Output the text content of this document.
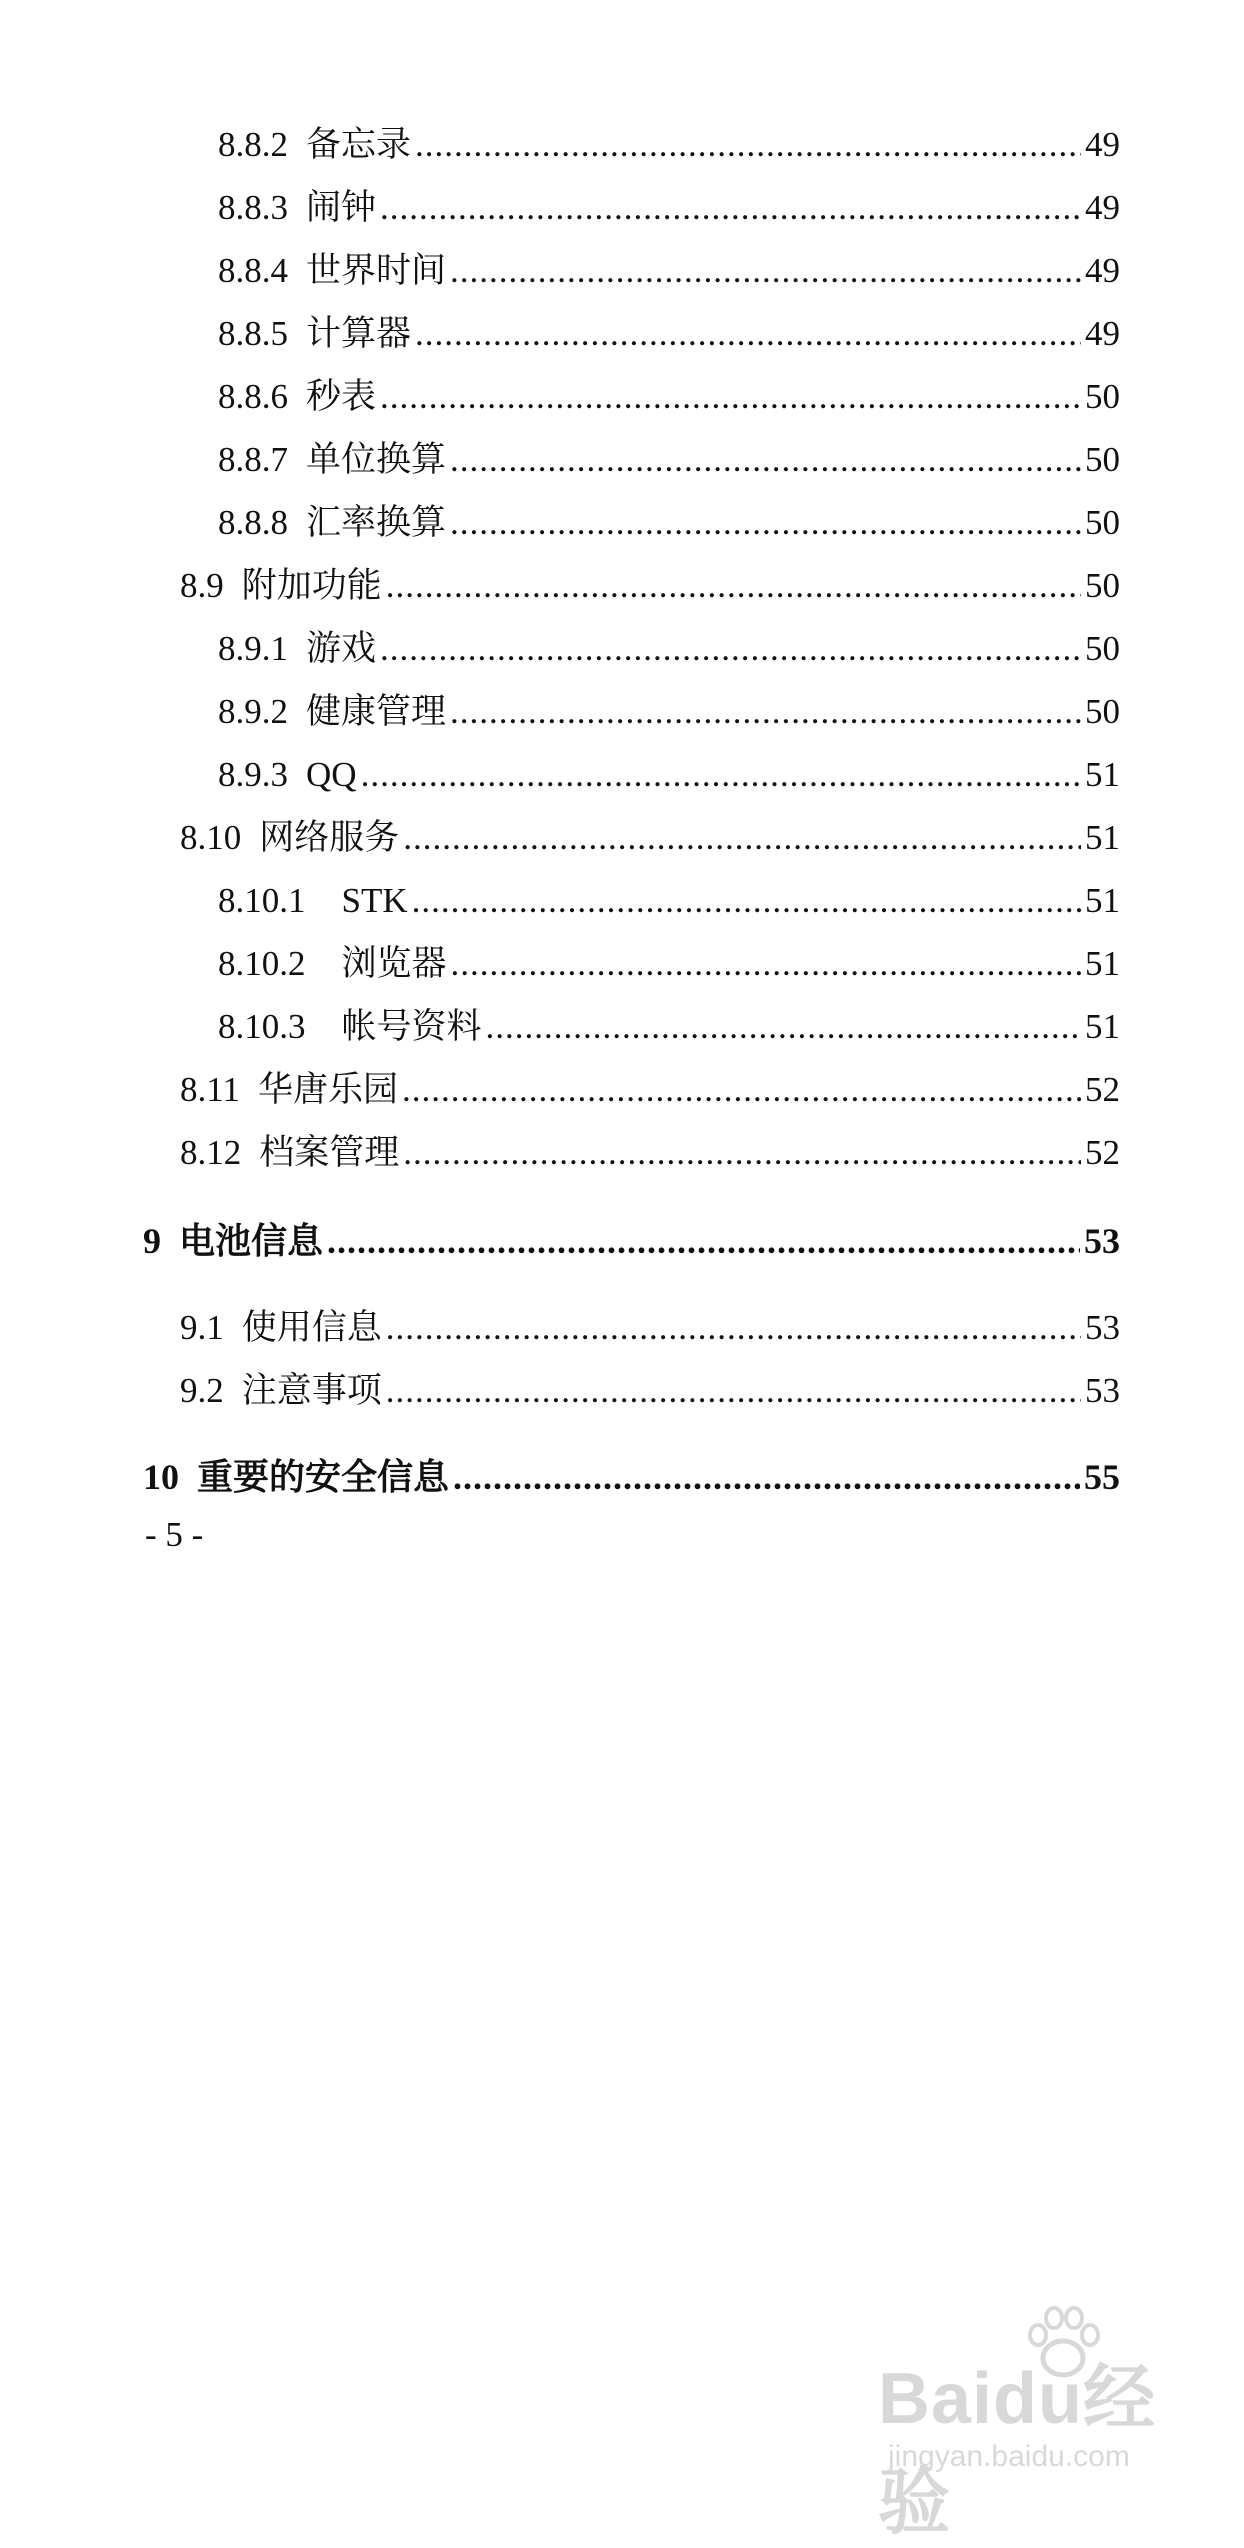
8.8.2 备忘录 .....	49
8.8.3 闹钟 .....	49
8.8.4 世界时间 .....	49
8.8.5 计算器 .....	49
8.8.6 秒表 .....	50
8.8.7 单位换算 .....	50
8.8.8 汇率换算 .....	50
8.9 附加功能 .....	50
8.9.1 游戏 .....	50
8.9.2 健康管理 .....	50
8.9.3 QQ .....	51
8.10 网络服务 .....	51
8.10.1 STK .....	51
8.10.2 浏览器 .....	51
8.10.3 帐号资料 .....	51
8.11 华唐乐园 .....	52
8.12 档案管理 .....	52
9 电池信息 .....	53
9.1 使用信息 .....	53
9.2 注意事项 .....	53
10 重要的安全信息 .....	55
- 5 -
Baidu经验
jingyan.baidu.com
